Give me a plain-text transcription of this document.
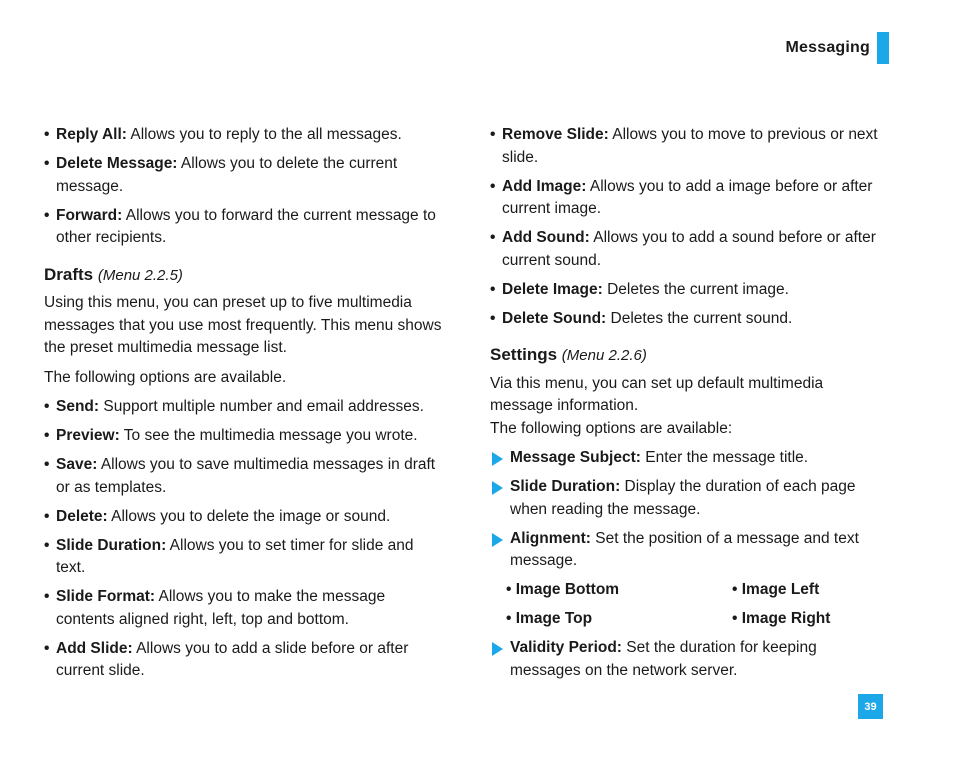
Messaging
• Reply All: Allows you to reply to the all messages.
• Delete Message: Allows you to delete the current message.
• Forward: Allows you to forward the current message to other recipients.
Drafts (Menu 2.2.5)
Using this menu, you can preset up to five multimedia messages that you use most frequently. This menu shows the preset multimedia message list.
The following options are available.
• Send: Support multiple number and email addresses.
• Preview: To see the multimedia message you wrote.
• Save: Allows you to save multimedia messages in draft or as templates.
• Delete: Allows you to delete the image or sound.
• Slide Duration: Allows you to set timer for slide and text.
• Slide Format: Allows you to make the message contents aligned right, left, top and bottom.
• Add Slide: Allows you to add a slide before or after current slide.
• Remove Slide: Allows you to move to previous or next slide.
• Add Image: Allows you to add a image before or after current image.
• Add Sound: Allows you to add a sound before or after current sound.
• Delete Image: Deletes the current image.
• Delete Sound: Deletes the current sound.
Settings (Menu 2.2.6)
Via this menu, you can set up default multimedia message information.
The following options are available:
Message Subject: Enter the message title.
Slide Duration: Display the duration of each page when reading the message.
Alignment: Set the position of a message and text message.
• Image Bottom	• Image Left
• Image Top	• Image Right
Validity Period: Set the duration for keeping messages on the network server.
39
